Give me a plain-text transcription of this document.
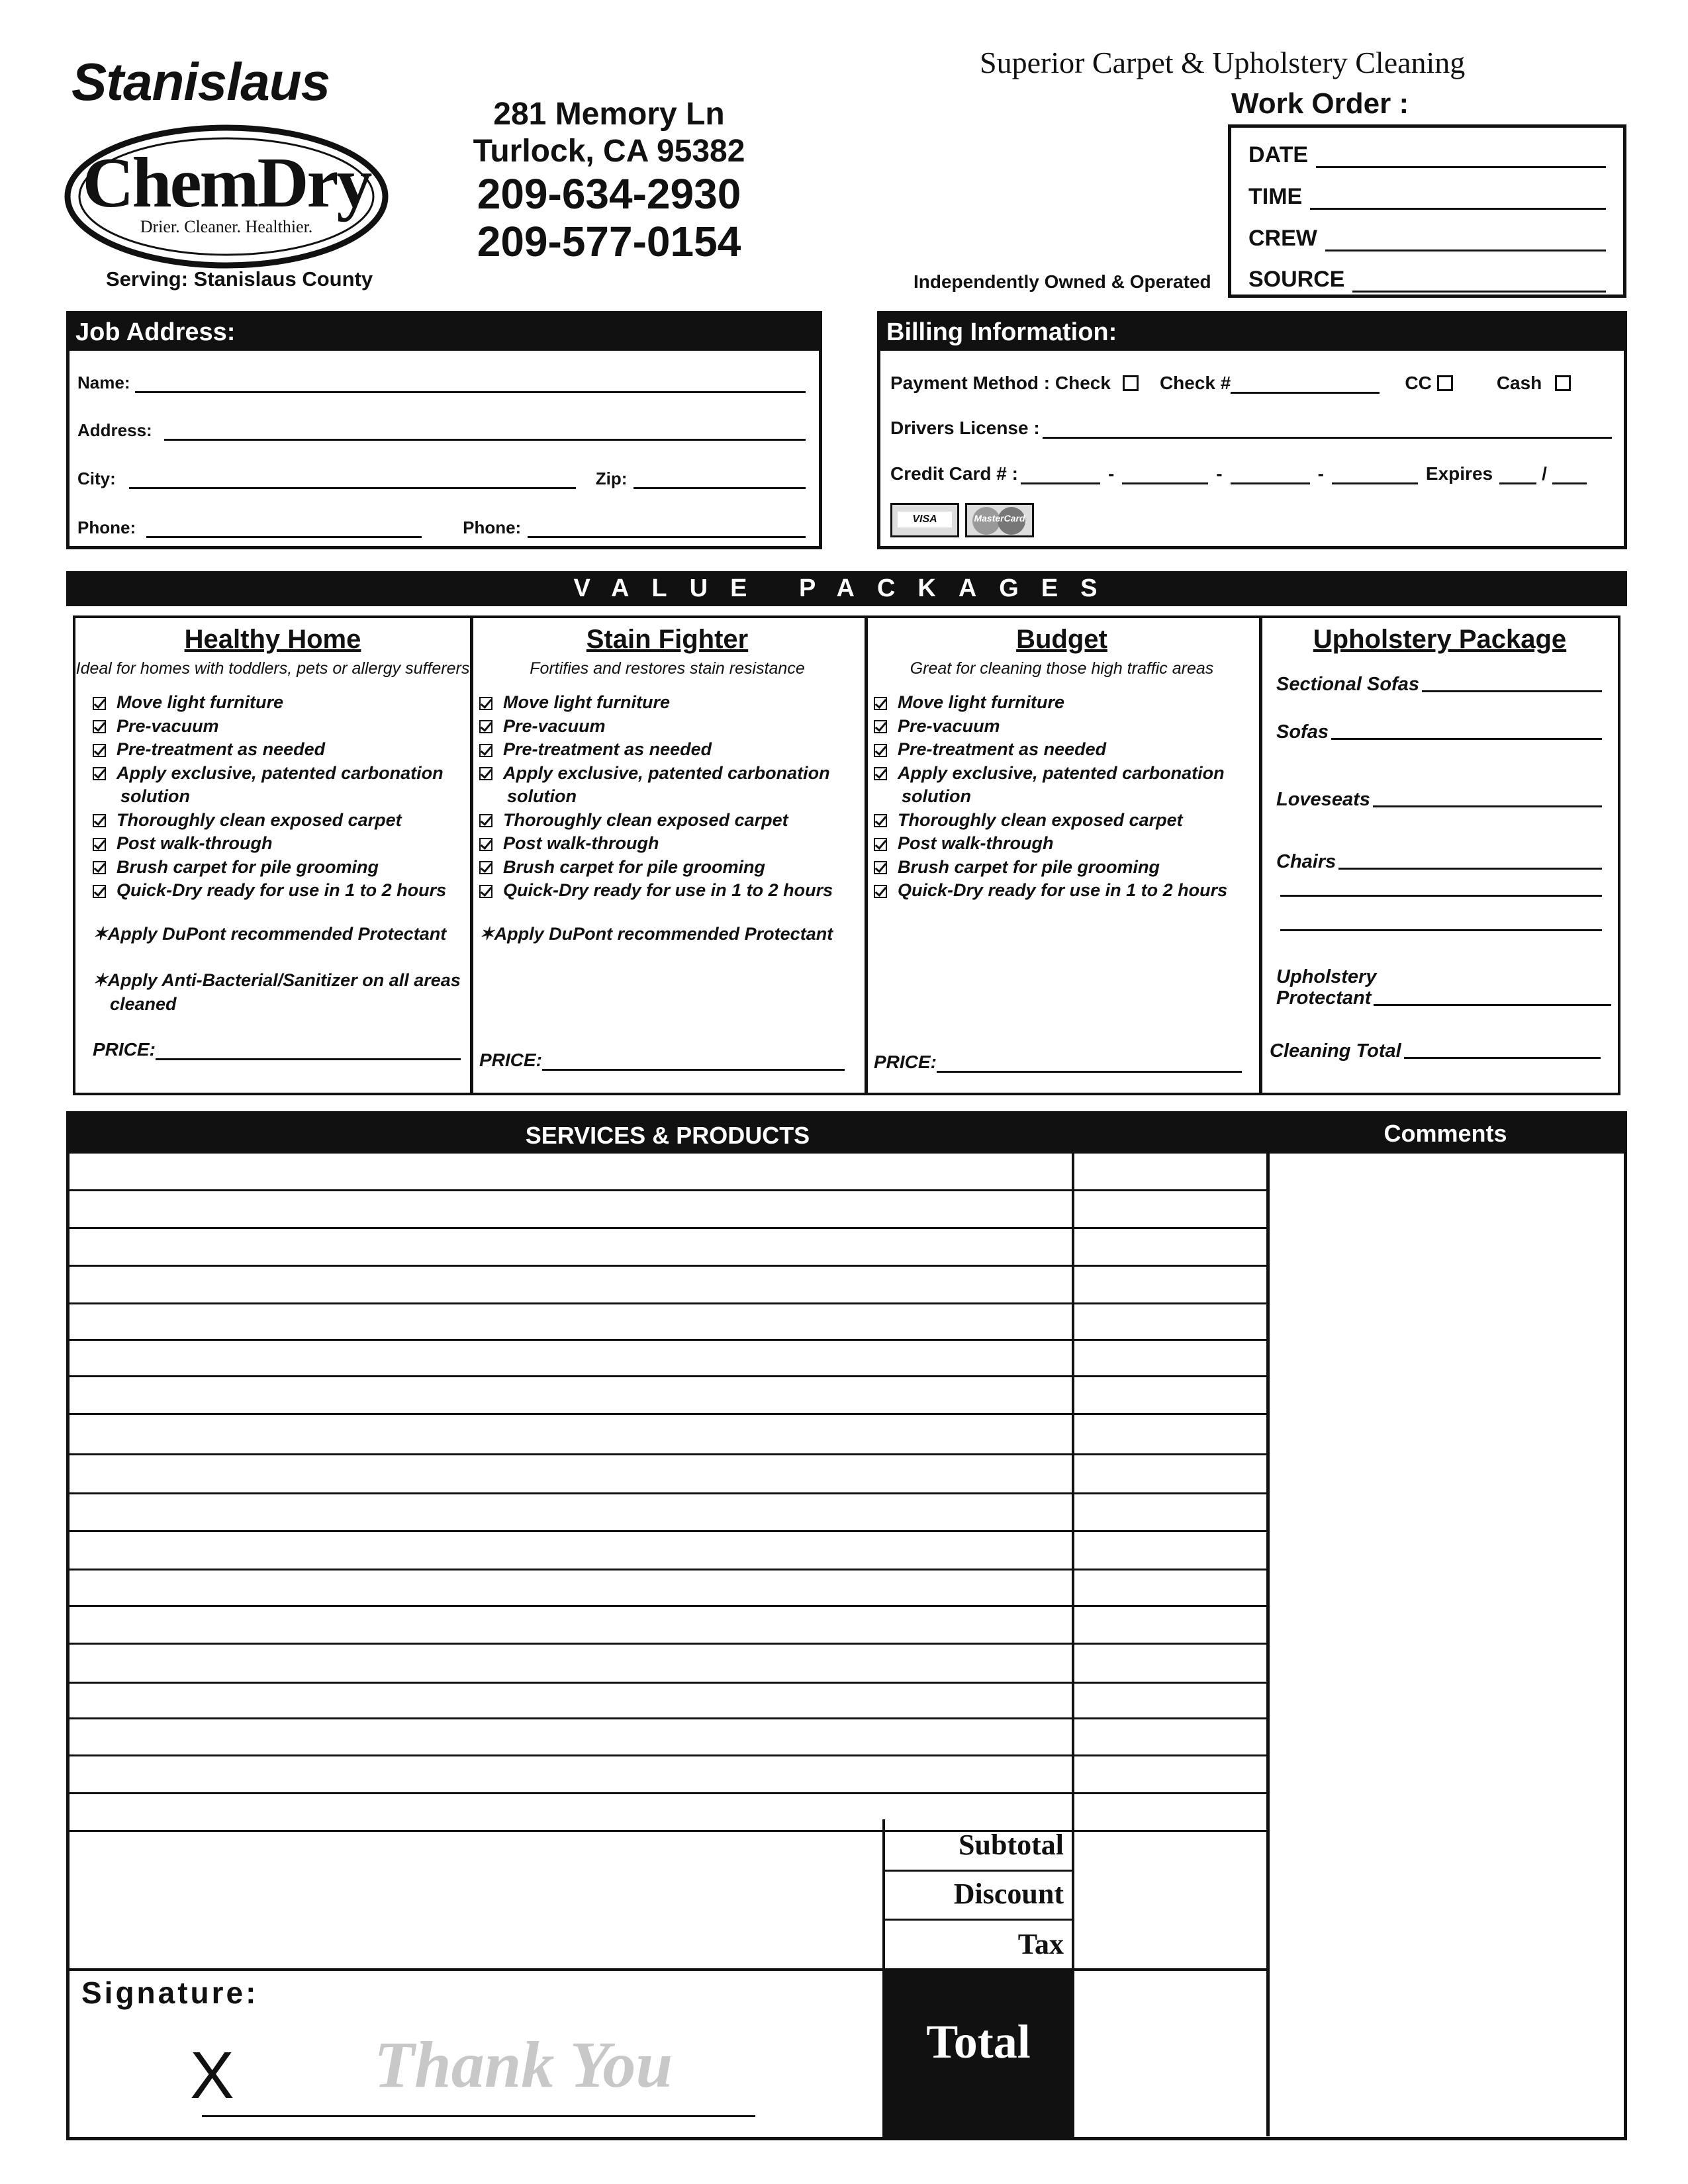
Stanislaus
ChemDry
Drier. Cleaner. Healthier.
Serving: Stanislaus County
281 Memory Ln
Turlock, CA 95382
209-634-2930
209-577-0154
Superior Carpet & Upholstery Cleaning
Work Order :
DATE
TIME
CREW
SOURCE
Independently Owned & Operated
Job Address:
Name:
Address:
City:	Zip:
Phone:	Phone:
Billing Information:
Payment Method : Check	Check #	CC	Cash
Drivers License :
Credit Card # :	-	-	-	Expires	/
VISA	MasterCard
VALUE PACKAGES
Healthy Home
Ideal for homes with toddlers, pets or allergy sufferers
Move light furniture
Pre-vacuum
Pre-treatment as needed
Apply exclusive, patented carbonation solution
Thoroughly clean exposed carpet
Post walk-through
Brush carpet for pile grooming
Quick-Dry ready for use in 1 to 2 hours
✶Apply DuPont recommended Protectant
✶Apply Anti-Bacterial/Sanitizer on all areas cleaned
PRICE:
Stain Fighter
Fortifies and restores stain resistance
Move light furniture
Pre-vacuum
Pre-treatment as needed
Apply exclusive, patented carbonation solution
Thoroughly clean exposed carpet
Post walk-through
Brush carpet for pile grooming
Quick-Dry ready for use in 1 to 2 hours
✶Apply DuPont recommended Protectant
PRICE:
Budget
Great for cleaning those high traffic areas
Move light furniture
Pre-vacuum
Pre-treatment as needed
Apply exclusive, patented carbonation solution
Thoroughly clean exposed carpet
Post walk-through
Brush carpet for pile grooming
Quick-Dry ready for use in 1 to 2 hours
PRICE:
Upholstery Package
Sectional Sofas
Sofas
Loveseats
Chairs
Upholstery
Protectant
Cleaning Total
SERVICES & PRODUCTS	Comments
Subtotal
Discount
Tax
Total
Signature:
X Thank You
